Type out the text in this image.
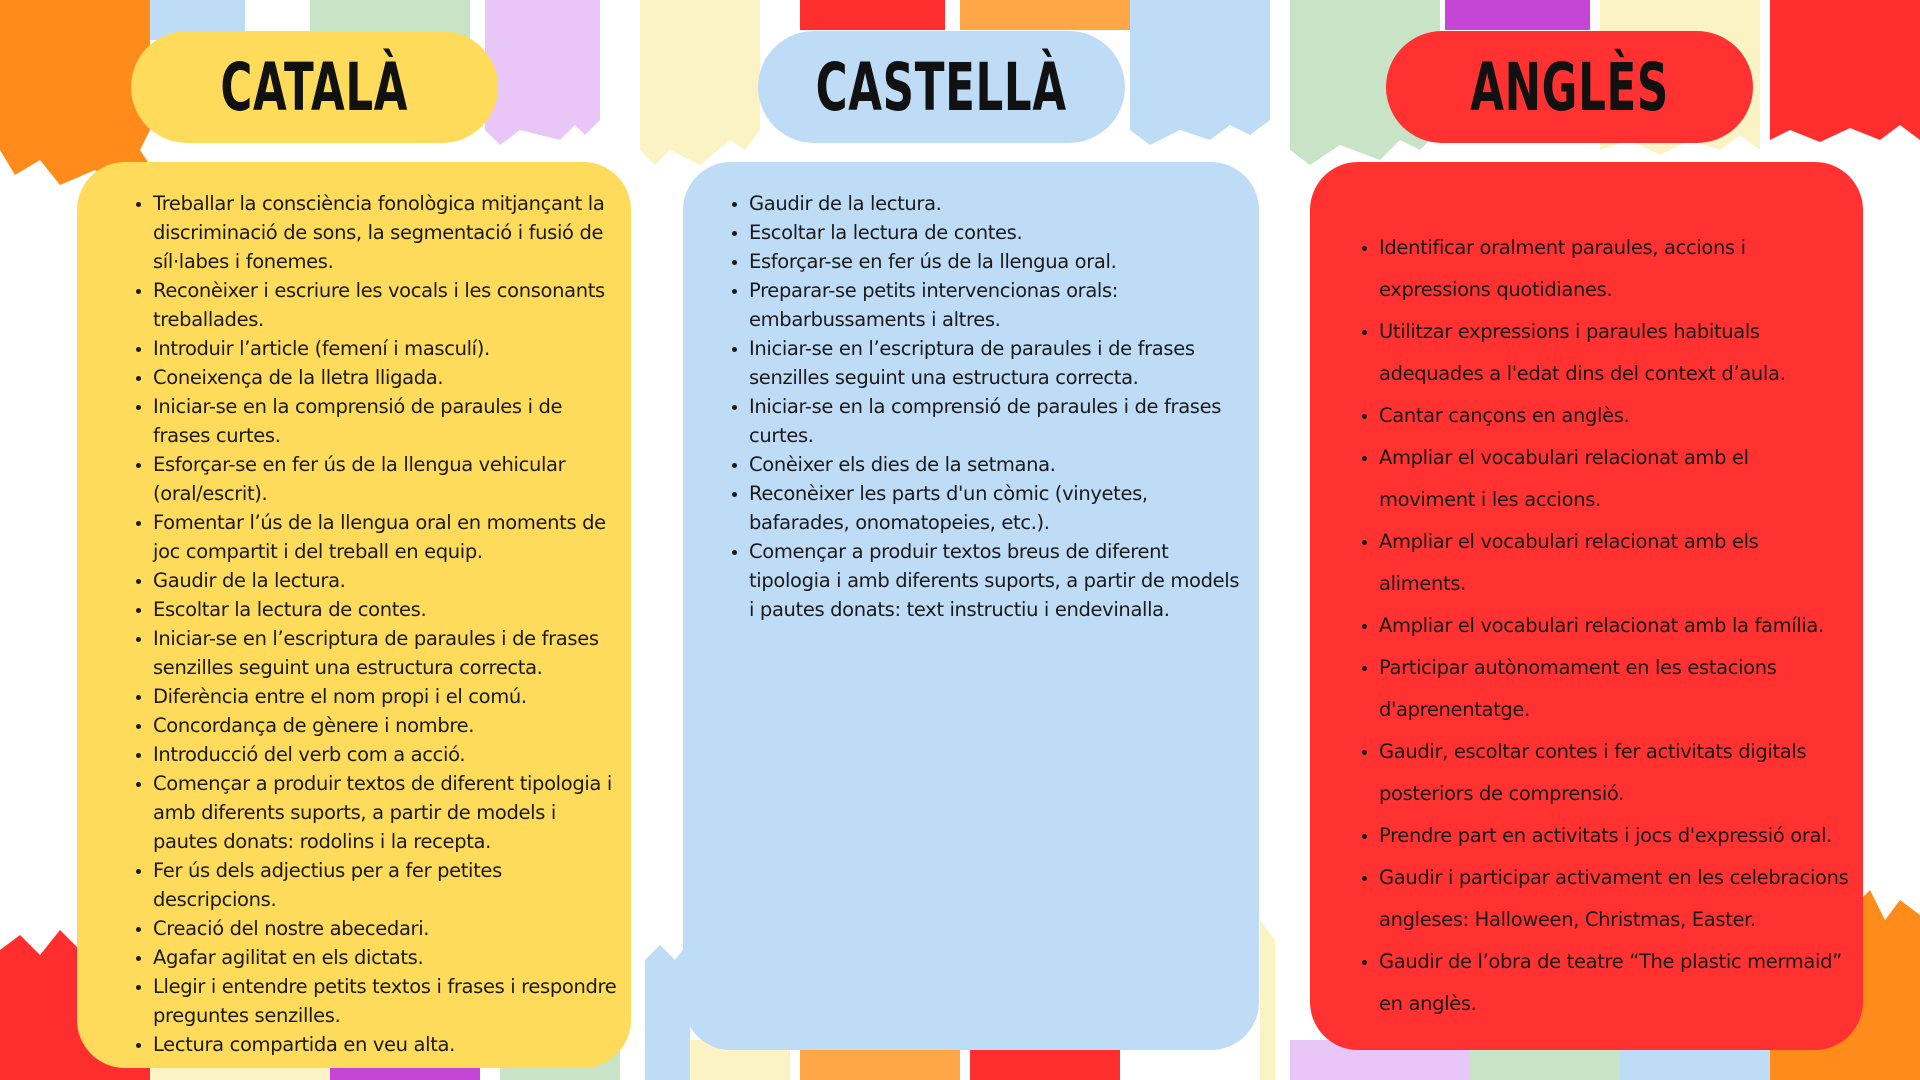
CATALÀ
• Treballar la consciència fonològica mitjançant la discriminació de sons, la segmentació i fusió de síl·labes i fonemes.
• Reconèixer i escriure les vocals i les consonants treballades.
• Introduir l’article (femení i masculí).
• Coneixença de la lletra lligada.
• Iniciar-se en la comprensió de paraules i de frases curtes.
• Esforçar-se en fer ús de la llengua vehicular (oral/escrit).
• Fomentar l’ús de la llengua oral en moments de joc compartit i del treball en equip.
• Gaudir de la lectura.
• Escoltar la lectura de contes.
• Iniciar-se en l’escriptura de paraules i de frases senzilles seguint una estructura correcta.
• Diferència entre el nom propi i el comú.
• Concordança de gènere i nombre.
• Introducció del verb com a acció.
• Començar a produir textos de diferent tipologia i amb diferents suports, a partir de models i pautes donats: rodolins i la recepta.
• Fer ús dels adjectius per a fer petites descripcions.
• Creació del nostre abecedari.
• Agafar agilitat en els dictats.
• Llegir i entendre petits textos i frases i respondre preguntes senzilles.
• Lectura compartida en veu alta.
CASTELLÀ
• Gaudir de la lectura.
• Escoltar la lectura de contes.
• Esforçar-se en fer ús de la llengua oral.
• Preparar-se petits intervencionas orals: embarbussaments i altres.
• Iniciar-se en l’escriptura de paraules i de frases senzilles seguint una estructura correcta.
• Iniciar-se en la comprensió de paraules i de frases curtes.
• Conèixer els dies de la setmana.
• Reconèixer les parts d'un còmic (vinyetes, bafarades, onomatopeies, etc.).
• Començar a produir textos breus de diferent tipologia i amb diferents suports, a partir de models i pautes donats: text instructiu i endevinalla.
ANGLÈS
• Identificar oralment paraules, accions i expressions quotidianes.
• Utilitzar expressions i paraules habituals adequades a l'edat dins del context d’aula.
• Cantar cançons en anglès.
• Ampliar el vocabulari relacionat amb el moviment i les accions.
• Ampliar el vocabulari relacionat amb els aliments.
• Ampliar el vocabulari relacionat amb la família.
• Participar autònomament en les estacions d'aprenentatge.
• Gaudir, escoltar contes i fer activitats digitals posteriors de comprensió.
• Prendre part en activitats i jocs d'expressió oral.
• Gaudir i participar activament en les celebracions angleses: Halloween, Christmas, Easter.
• Gaudir de l’obra de teatre “The plastic mermaid” en anglès.
